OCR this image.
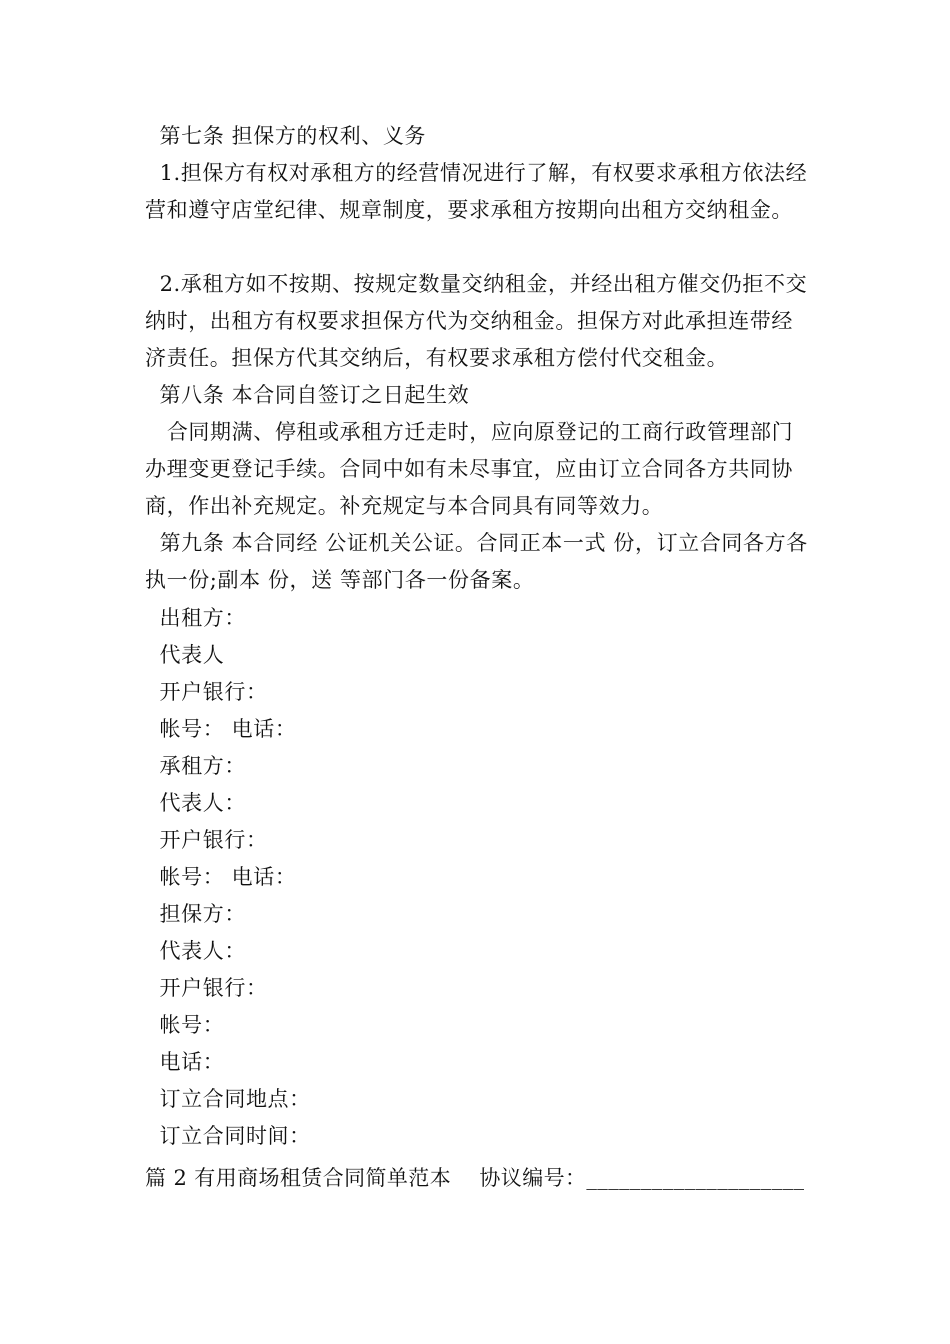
第七条 担保方的权利、义务
1.担保方有权对承租方的经营情况进行了解，有权要求承租方依法经营和遵守店堂纪律、规章制度，要求承租方按期向出租方交纳租金。
2.承租方如不按期、按规定数量交纳租金，并经出租方催交仍拒不交纳时，出租方有权要求担保方代为交纳租金。担保方对此承担连带经济责任。担保方代其交纳后，有权要求承租方偿付代交租金。
第八条 本合同自签订之日起生效
合同期满、停租或承租方迁走时，应向原登记的工商行政管理部门办理变更登记手续。合同中如有未尽事宜，应由订立合同各方共同协商，作出补充规定。补充规定与本合同具有同等效力。
第九条 本合同经 公证机关公证。合同正本一式 份，订立合同各方各执一份;副本 份，送 等部门各一份备案。
出租方：
代表人
开户银行：
帐号： 电话：
承租方：
代表人：
开户银行：
帐号： 电话：
担保方：
代表人：
开户银行：
帐号：
电话：
订立合同地点：
订立合同时间：
篇 2 有用商场租赁合同简单范本    协议编号：____________________
